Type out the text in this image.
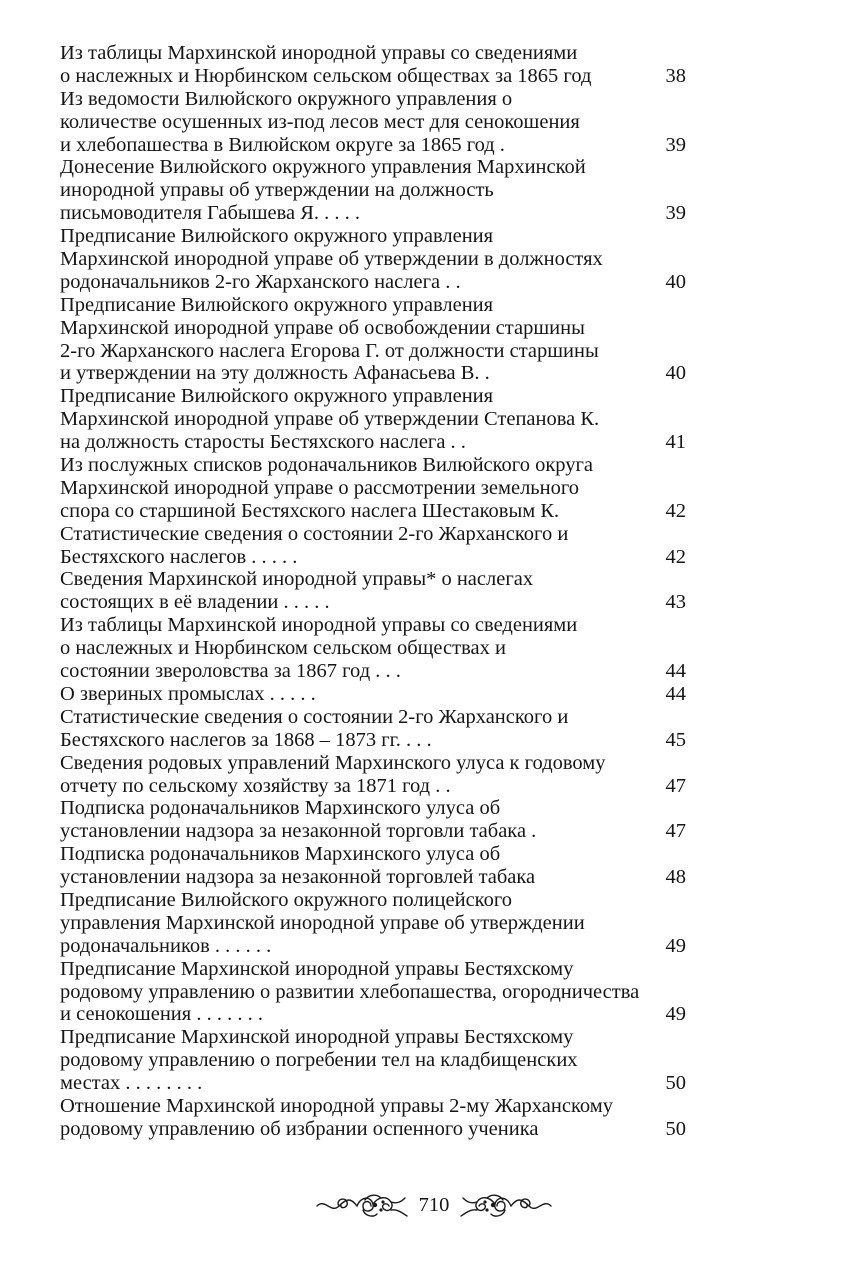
Из таблицы Мархинской инородной управы со сведениями
о наслежных и Нюрбинском сельском обществах за 1865 год	38
Из ведомости Вилюйского окружного управления о
количестве осушенных из-под лесов мест для сенокошения
и хлебопашества в Вилюйском округе за 1865 год .	39
Донесение Вилюйского окружного управления Мархинской
инородной управы об утверждении на должность
письмоводителя Габышева Я. . . . .	39
Предписание Вилюйского окружного управления
Мархинской инородной управе об утверждении в должностях
родоначальников 2-го Жарханского наслега . .	40
Предписание Вилюйского окружного управления
Мархинской инородной управе об освобождении старшины
2-го Жарханского наслега Егорова Г. от должности старшины
и утверждении на эту должность Афанасьева В. .	40
Предписание Вилюйского окружного управления
Мархинской инородной управе об утверждении Степанова К.
на должность старосты Бестяхского наслега . .	41
Из послужных списков родоначальников Вилюйского округа
Мархинской инородной управе о рассмотрении земельного
спора со старшиной Бестяхского наслега Шестаковым К.	42
Статистические сведения о состоянии 2-го Жарханского и
Бестяхского наслегов . . . . .	42
Сведения Мархинской инородной управы* о наслегах
состоящих в её владении . . . . .	43
Из таблицы Мархинской инородной управы со сведениями
о наслежных и Нюрбинском сельском обществах и
состоянии звероловства за 1867 год . . .	44
О звериных промыслах . . . . .	44
Статистические сведения о состоянии 2-го Жарханского и
Бестяхского наслегов за 1868 – 1873 гг. . . .	45
Сведения родовых управлений Мархинского улуса к годовому
отчету по сельскому хозяйству за 1871 год . .	47
Подписка родоначальников Мархинского улуса об
установлении надзора за незаконной торговли табака .	47
Подписка родоначальников Мархинского улуса об
установлении надзора за незаконной торговлей табака	48
Предписание Вилюйского окружного полицейского
управления Мархинской инородной управе об утверждении
родоначальников . . . . . .	49
Предписание Мархинской инородной управы Бестяхскому
родовому управлению о развитии хлебопашества, огородничества
и сенокошения . . . . . . .	49
Предписание Мархинской инородной управы Бестяхскому
родовому управлению о погребении тел на кладбищенских
местах . . . . . . . .	50
Отношение Мархинской инородной управы 2-му Жарханскому
родовому управлению об избрании оспенного ученика	50
710
